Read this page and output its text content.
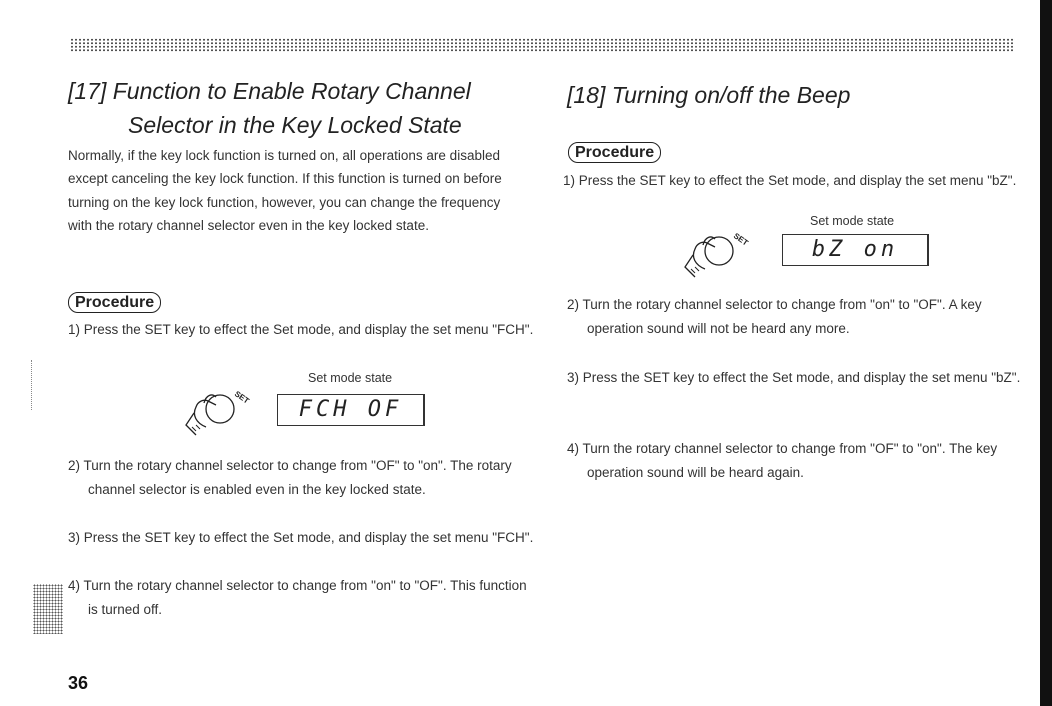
[17] Function to Enable Rotary Channel
Selector in the Key Locked State

Normally, if the key lock function is turned on, all operations are disabled except canceling the key lock function. If this function is turned on before turning on the key lock function, however, you can change the frequency with the rotary channel selector even in the key locked state.

Procedure

1) Press the SET key to effect the Set mode, and display the set menu "FCH".

SET
Set mode state
FCH OF

2) Turn the rotary channel selector to change from "OF" to "on". The rotary channel selector is enabled even in the key locked state.

3) Press the SET key to effect the Set mode, and display the set menu "FCH".

4) Turn the rotary channel selector to change from "on" to "OF". This function is turned off.

36
[18] Turning on/off the Beep
Procedure

1) Press the SET key to effect the Set mode, and display the set menu "bZ".

SET
Set mode state
bZ on

2) Turn the rotary channel selector to change from "on" to "OF". A key operation sound will not be heard any more.

3) Press the SET key to effect the Set mode, and display the set menu "bZ".

4) Turn the rotary channel selector to change from "OF" to "on". The key operation sound will be heard again.
